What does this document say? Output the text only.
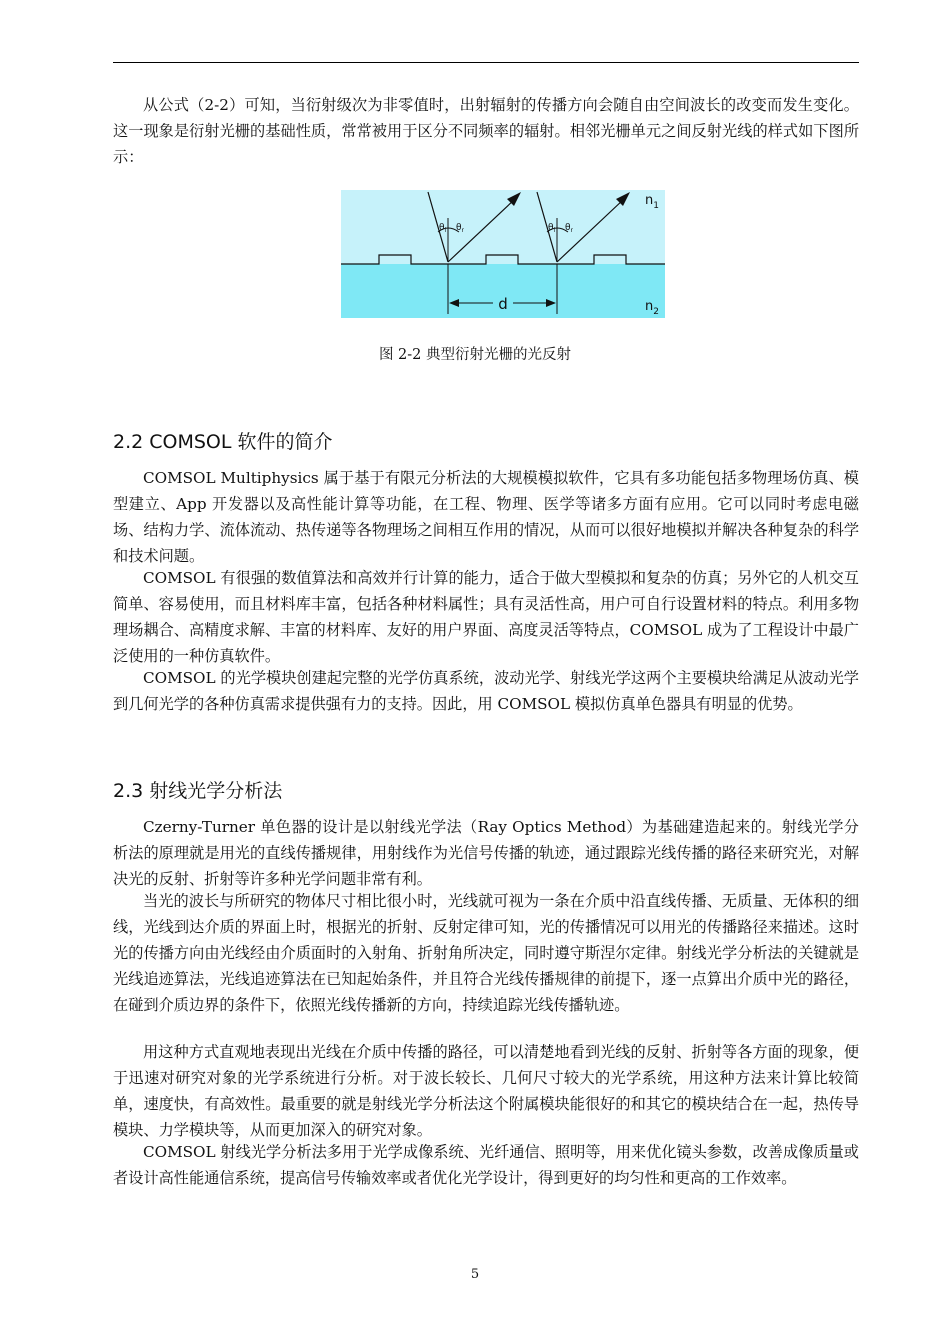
从公式（2-2）可知，当衍射级次为非零值时，出射辐射的传播方向会随自由空间波长的改变而发生变化。这一现象是衍射光栅的基础性质，常常被用于区分不同频率的辐射。相邻光栅单元之间反射光线的样式如下图所示：

$\theta_i$ $\theta_r$	$\theta_i$ $\theta_r$
d
$n_1$
$n_2$
图 2-2 典型衍射光栅的光反射
2.2 COMSOL 软件的简介

COMSOL Multiphysics 属于基于有限元分析法的大规模模拟软件，它具有多功能包括多物理场仿真、模型建立、App 开发器以及高性能计算等功能，在工程、物理、医学等诸多方面有应用。它可以同时考虑电磁场、结构力学、流体流动、热传递等各物理场之间相互作用的情况，从而可以很好地模拟并解决各种复杂的科学和技术问题。

COMSOL 有很强的数值算法和高效并行计算的能力，适合于做大型模拟和复杂的仿真；另外它的人机交互简单、容易使用，而且材料库丰富，包括各种材料属性；具有灵活性高，用户可自行设置材料的特点。利用多物理场耦合、高精度求解、丰富的材料库、友好的用户界面、高度灵活等特点，COMSOL 成为了工程设计中最广泛使用的一种仿真软件。

COMSOL 的光学模块创建起完整的光学仿真系统，波动光学、射线光学这两个主要模块给满足从波动光学到几何光学的各种仿真需求提供强有力的支持。因此，用 COMSOL 模拟仿真单色器具有明显的优势。

2.3 射线光学分析法

Czerny-Turner 单色器的设计是以射线光学法（Ray Optics Method）为基础建造起来的。射线光学分析法的原理就是用光的直线传播规律，用射线作为光信号传播的轨迹，通过跟踪光线传播的路径来研究光，对解决光的反射、折射等许多种光学问题非常有利。

当光的波长与所研究的物体尺寸相比很小时，光线就可视为一条在介质中沿直线传播、无质量、无体积的细线，光线到达介质的界面上时，根据光的折射、反射定律可知，光的传播情况可以用光的传播路径来描述。这时光的传播方向由光线经由介质面时的入射角、折射角所决定，同时遵守斯涅尔定律。射线光学分析法的关键就是光线追迹算法，光线追迹算法在已知起始条件，并且符合光线传播规律的前提下，逐一点算出介质中光的路径，在碰到介质边界的条件下，依照光线传播新的方向，持续追踪光线传播轨迹。

用这种方式直观地表现出光线在介质中传播的路径，可以清楚地看到光线的反射、折射等各方面的现象，便于迅速对研究对象的光学系统进行分析。对于波长较长、几何尺寸较大的光学系统，用这种方法来计算比较简单，速度快，有高效性。最重要的就是射线光学分析法这个附属模块能很好的和其它的模块结合在一起，热传导模块、力学模块等，从而更加深入的研究对象。

COMSOL 射线光学分析法多用于光学成像系统、光纤通信、照明等，用来优化镜头参数，改善成像质量或者设计高性能通信系统，提高信号传输效率或者优化光学设计，得到更好的均匀性和更高的工作效率。

5
